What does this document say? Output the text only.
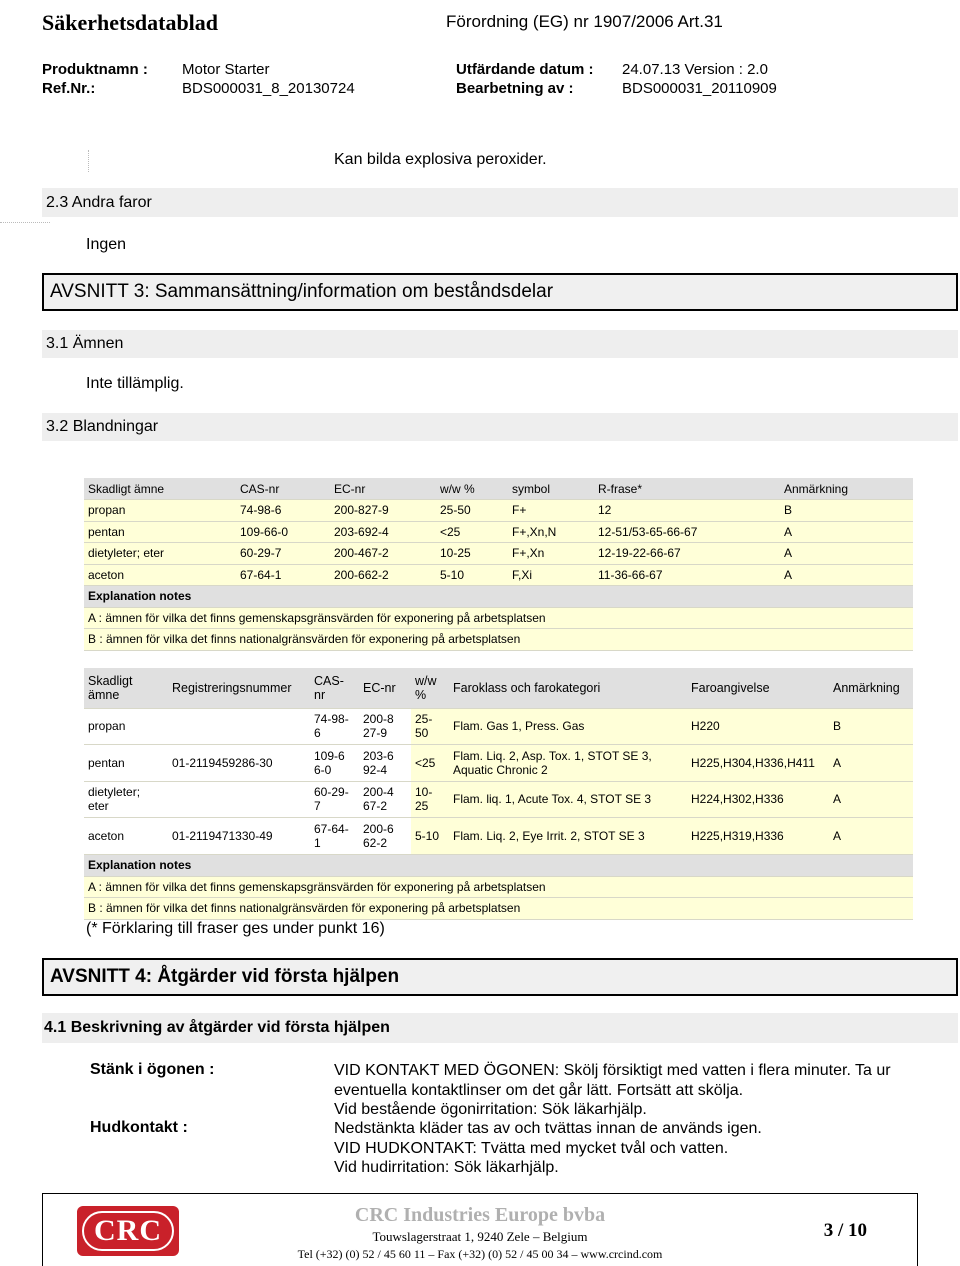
Säkerhetsdatablad	Förordning (EG) nr 1907/2006 Art.31
Produktnamn : Motor Starter	Utfärdande datum : 24.07.13 Version : 2.0
Ref.Nr.:	BDS000031_8_20130724	Bearbetning av :	BDS000031_20110909
Kan bilda explosiva peroxider.
2.3 Andra faror
Ingen
AVSNITT 3: Sammansättning/information om beståndsdelar
3.1 Ämnen
Inte tillämplig.
3.2 Blandningar
Skadligt ämne	CAS-nr	EC-nr	w/w %	symbol	R-frase*	Anmärkning
propan	74-98-6	200-827-9	25-50	F+	12	B
pentan	109-66-0	203-692-4	<25	F+,Xn,N	12-51/53-65-66-67	A
dietyleter; eter	60-29-7	200-467-2	10-25	F+,Xn	12-19-22-66-67	A
aceton	67-64-1	200-662-2	5-10	F,Xi	11-36-66-67	A
Explanation notes						
A : ämnen för vilka det finns gemenskapsgränsvärden för exponering på arbetsplatsen						
B : ämnen för vilka det finns nationalgränsvärden för exponering på arbetsplatsen						
Skadligt ämne	Registreringsnummer	CAS-nr	EC-nr	w/w %	Faroklass och farokategori	Faroangivelse	Anmärkning
propan		74-98-6	200-827-9	25-50	Flam. Gas 1, Press. Gas	H220	B
pentan	01-2119459286-30	109-66-0	203-692-4	<25	Flam. Liq. 2, Asp. Tox. 1, STOT SE 3, Aquatic Chronic 2	H225,H304,H336,H411	A

dietyleter; eter		60-29-7	200-467-2	10-25	Flam. liq. 1, Acute Tox. 4, STOT SE 3	H224,H302,H336	A
aceton	01-2119471330-49	67-64-1	200-662-2	5-10	Flam. Liq. 2, Eye Irrit. 2, STOT SE 3	H225,H319,H336	A
Explanation notes							
A : ämnen för vilka det finns gemenskapsgränsvärden för exponering på arbetsplatsen							
B : ämnen för vilka det finns nationalgränsvärden för exponering på arbetsplatsen							
(* Förklaring till fraser ges under punkt 16)
AVSNITT 4: Åtgärder vid första hjälpen
4.1 Beskrivning av åtgärder vid första hjälpen
Stänk i ögonen :	VID KONTAKT MED ÖGONEN: Skölj försiktigt med vatten i flera minuter. Ta ur
eventuella kontaktlinser om det går lätt. Fortsätt att skölja.
Vid bestående ögonirritation: Sök läkarhjälp.
Hudkontakt :	Nedstänkta kläder tas av och tvättas innan de används igen.
VID HUDKONTAKT: Tvätta med mycket tvål och vatten.
Vid hudirritation: Sök läkarhjälp.
CRC	CRC Industries Europe bvba
Touwslagerstraat 1, 9240 Zele – Belgium
Tel (+32) (0) 52 / 45 60 11 – Fax (+32) (0) 52 / 45 00 34 – www.crcind.com
3 / 10
